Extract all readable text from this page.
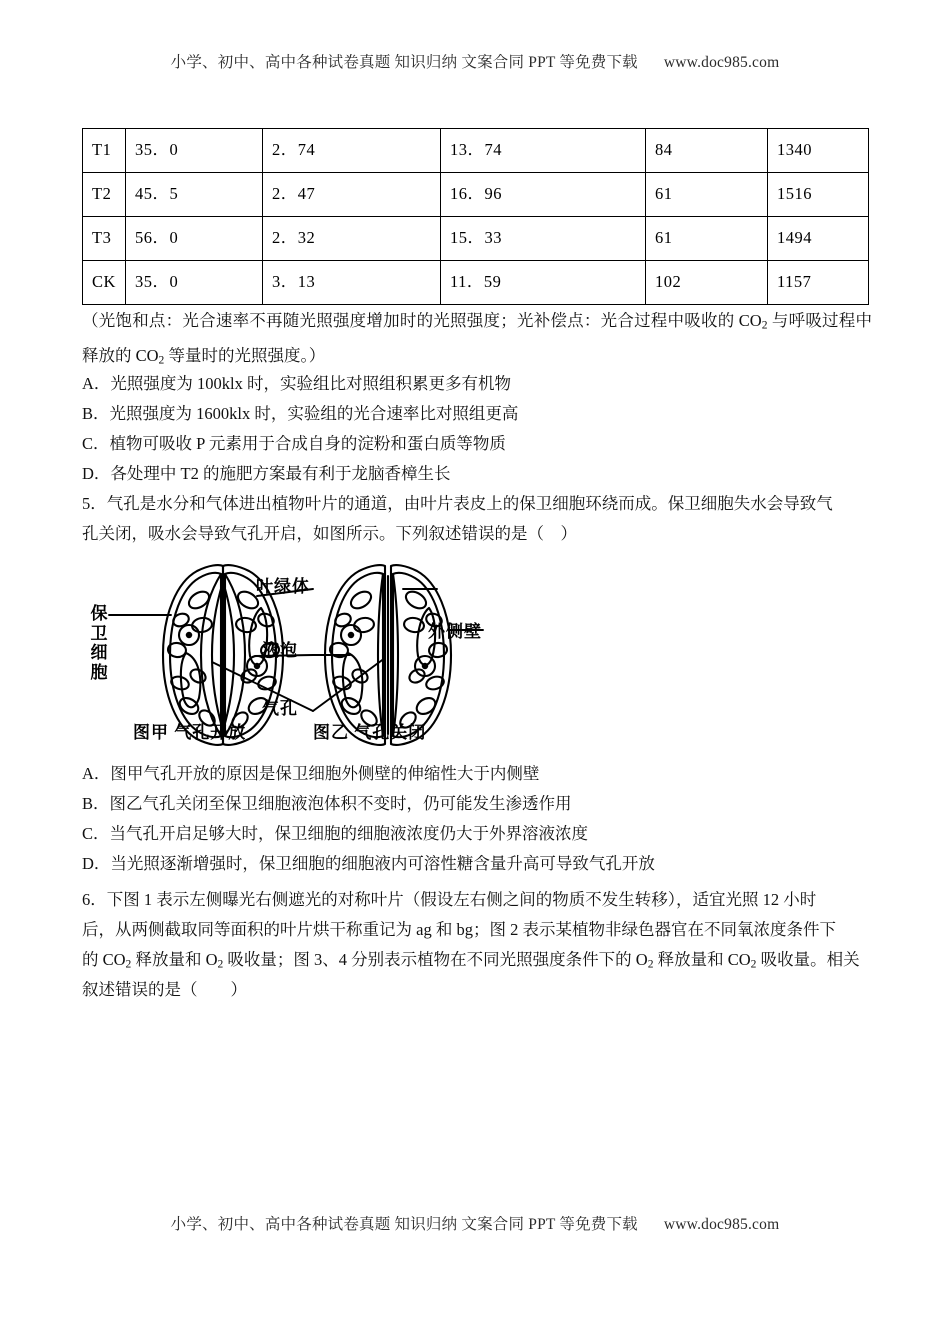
小学、初中、高中各种试卷真题 知识归纳 文案合同 PPT 等免费下载 www.doc985.com
T1	35．0	2．74	13．74	84	1340
T2	45．5	2．47	16．96	61	1516
T3	56．0	2．32	15．33	61	1494
CK	35．0	3．13	11．59	102	1157
（光饱和点：光合速率不再随光照强度增加时的光照强度；光补偿点：光合过程中吸收的 $CO_2$ 与呼吸过程中释放的 $CO_2$ 等量时的光照强度。）
A．光照强度为 100klx 时，实验组比对照组积累更多有机物
B．光照强度为 1600klx 时，实验组的光合速率比对照组更高
C．植物可吸收 P 元素用于合成自身的淀粉和蛋白质等物质
D．各处理中 T2 的施肥方案最有利于龙脑香樟生长
5．气孔是水分和气体进出植物叶片的通道，由叶片表皮上的保卫细胞环绕而成。保卫细胞失水会导致气
孔关闭，吸水会导致气孔开启，如图所示。下列叙述错误的是（　）
保卫细胞
叶绿体
液泡
气孔
外侧壁
图甲 气孔开放	图乙 气孔关闭
A．图甲气孔开放的原因是保卫细胞外侧壁的伸缩性大于内侧壁
B．图乙气孔关闭至保卫细胞液泡体积不变时，仍可能发生渗透作用
C．当气孔开启足够大时，保卫细胞的细胞液浓度仍大于外界溶液浓度
D．当光照逐渐增强时，保卫细胞的细胞液内可溶性糖含量升高可导致气孔开放
6．下图 1 表示左侧曝光右侧遮光的对称叶片（假设左右侧之间的物质不发生转移），适宜光照 12 小时
后，从两侧截取同等面积的叶片烘干称重记为 ag 和 bg；图 2 表示某植物非绿色器官在不同氧浓度条件下
的 $CO_2$ 释放量和 $O_2$ 吸收量；图 3、4 分别表示植物在不同光照强度条件下的 $O_2$ 释放量和 $CO_2$ 吸收量。相关
叙述错误的是（　　）
小学、初中、高中各种试卷真题 知识归纳 文案合同 PPT 等免费下载 www.doc985.com
